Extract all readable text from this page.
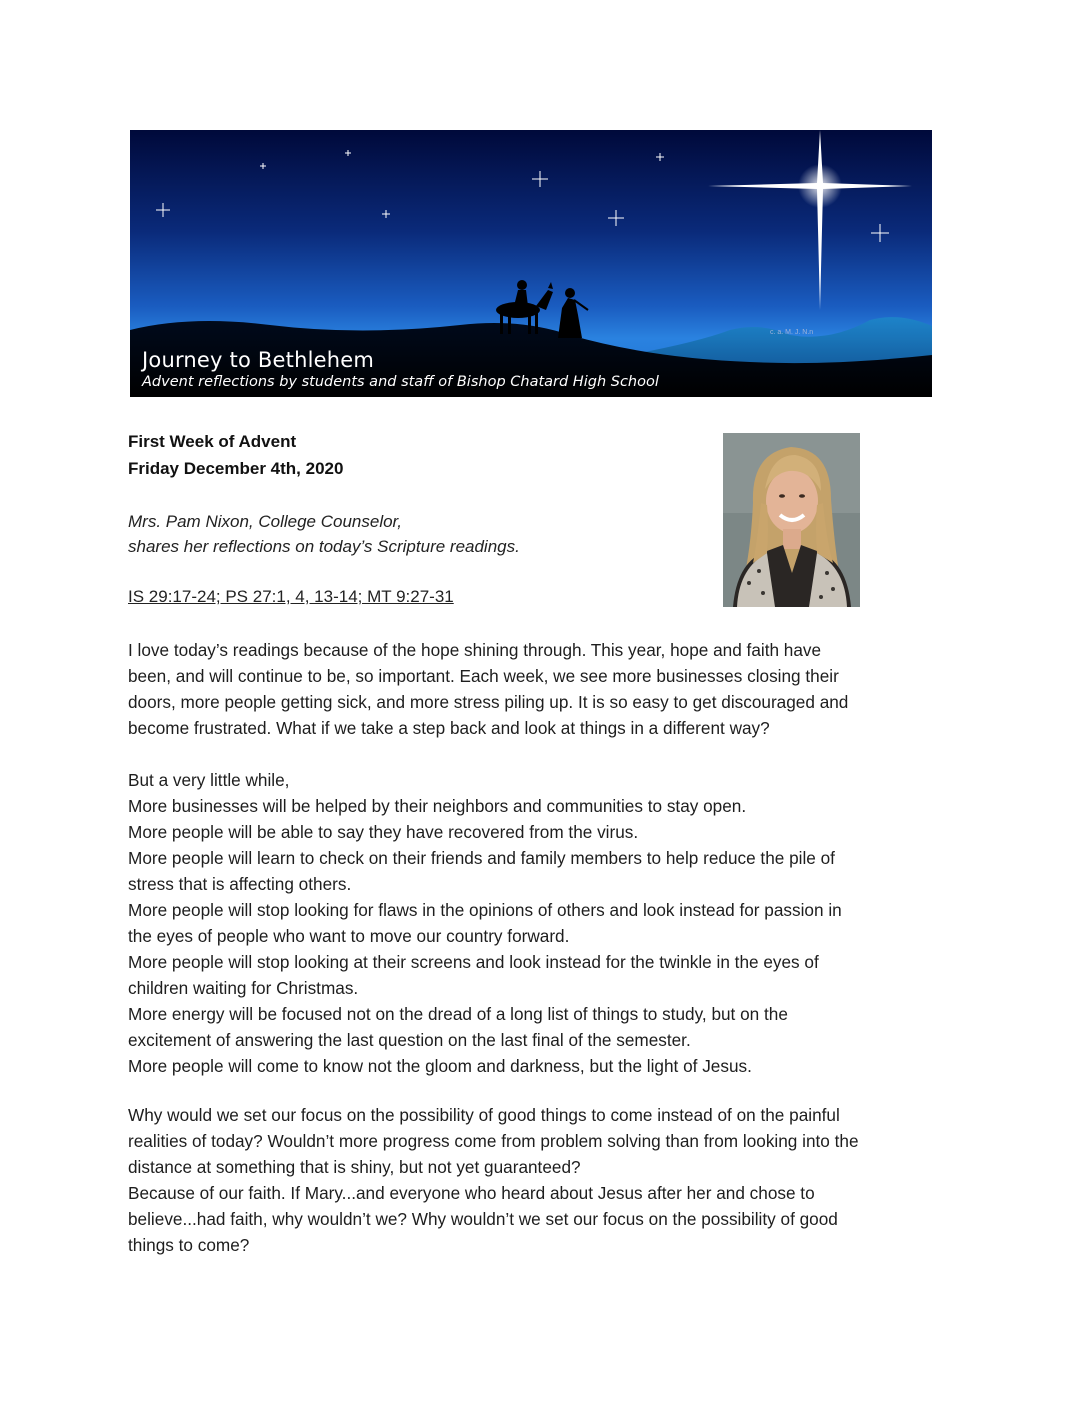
c. a. M. J. N.n
Journey to Bethlehem
Advent reflections by students and staff of Bishop Chatard High School
First Week of Advent
Friday December 4th, 2020
Mrs. Pam Nixon, College Counselor,
shares her reflections on today’s Scripture readings.
IS 29:17-24; PS 27:1, 4, 13-14; MT 9:27-31
I love today’s readings because of the hope shining through. This year, hope and faith have
been, and will continue to be, so important. Each week, we see more businesses closing their
doors, more people getting sick, and more stress piling up. It is so easy to get discouraged and
become frustrated. What if we take a step back and look at things in a different way?
But a very little while,
More businesses will be helped by their neighbors and communities to stay open.
More people will be able to say they have recovered from the virus.
More people will learn to check on their friends and family members to help reduce the pile of
stress that is affecting others.
More people will stop looking for flaws in the opinions of others and look instead for passion in
the eyes of people who want to move our country forward.
More people will stop looking at their screens and look instead for the twinkle in the eyes of
children waiting for Christmas.
More energy will be focused not on the dread of a long list of things to study, but on the
excitement of answering the last question on the last final of the semester.
More people will come to know not the gloom and darkness, but the light of Jesus.
Why would we set our focus on the possibility of good things to come instead of on the painful
realities of today? Wouldn’t more progress come from problem solving than from looking into the
distance at something that is shiny, but not yet guaranteed?
Because of our faith. If Mary...and everyone who heard about Jesus after her and chose to
believe...had faith, why wouldn’t we? Why wouldn’t we set our focus on the possibility of good
things to come?
